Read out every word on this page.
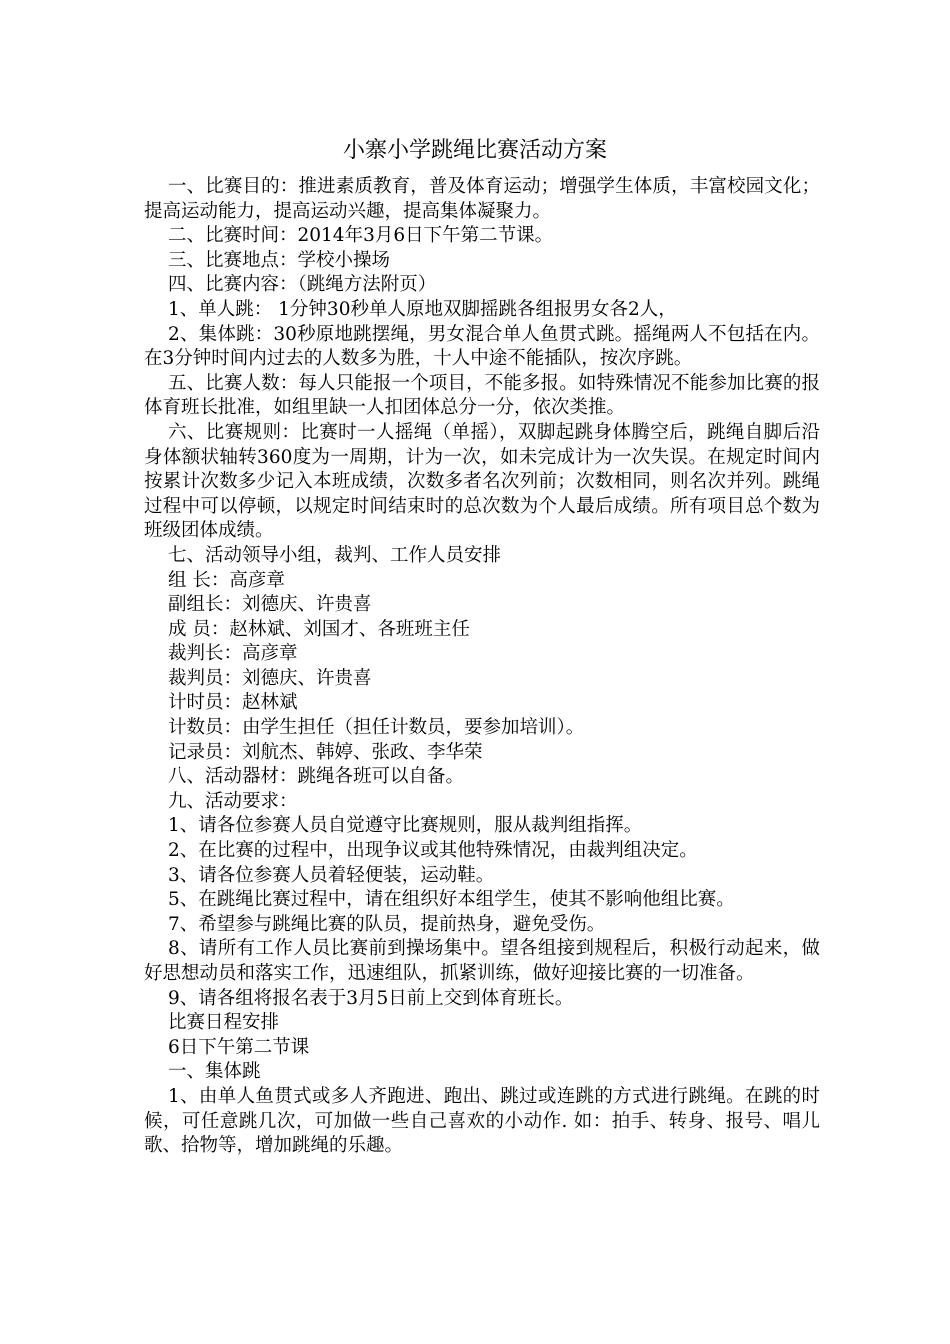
小寨小学跳绳比赛活动方案

一、比赛目的：推进素质教育，普及体育运动；增强学生体质，丰富校园文化；提高运动能力，提高运动兴趣，提高集体凝聚力。

二、比赛时间：2014年3月6日下午第二节课。

三、比赛地点：学校小操场

四、比赛内容：（跳绳方法附页）

1、单人跳： 1分钟30秒单人原地双脚摇跳各组报男女各2人，

2、集体跳：30秒原地跳摆绳，男女混合单人鱼贯式跳。摇绳两人不包括在内。在3分钟时间内过去的人数多为胜，十人中途不能插队，按次序跳。

五、比赛人数：每人只能报一个项目，不能多报。如特殊情况不能参加比赛的报体育班长批准，如组里缺一人扣团体总分一分，依次类推。

六、比赛规则：比赛时一人摇绳（单摇），双脚起跳身体腾空后，跳绳自脚后沿身体额状轴转360度为一周期，计为一次，如未完成计为一次失误。在规定时间内按累计次数多少记入本班成绩，次数多者名次列前；次数相同，则名次并列。跳绳过程中可以停顿，以规定时间结束时的总次数为个人最后成绩。所有项目总个数为班级团体成绩。

七、活动领导小组，裁判、工作人员安排

组 长：高彦章

副组长：刘德庆、许贵喜

成 员：赵林斌、刘国才、各班班主任

裁判长：高彦章

裁判员：刘德庆、许贵喜

计时员：赵林斌

计数员：由学生担任（担任计数员，要参加培训）。

记录员：刘航杰、韩婷、张政、李华荣

八、活动器材：跳绳各班可以自备。

九、活动要求：

1、请各位参赛人员自觉遵守比赛规则，服从裁判组指挥。

2、在比赛的过程中，出现争议或其他特殊情况，由裁判组决定。

3、请各位参赛人员着轻便装，运动鞋。

5、在跳绳比赛过程中，请在组织好本组学生，使其不影响他组比赛。

7、希望参与跳绳比赛的队员，提前热身，避免受伤。

8、请所有工作人员比赛前到操场集中。望各组接到规程后，积极行动起来，做好思想动员和落实工作，迅速组队，抓紧训练，做好迎接比赛的一切准备。

9、请各组将报名表于3月5日前上交到体育班长。

比赛日程安排

6日下午第二节课

一、集体跳

1、由单人鱼贯式或多人齐跑进、跑出、跳过或连跳的方式进行跳绳。在跳的时候，可任意跳几次，可加做一些自己喜欢的小动作. 如：拍手、转身、报号、唱儿歌、拾物等，增加跳绳的乐趣。
